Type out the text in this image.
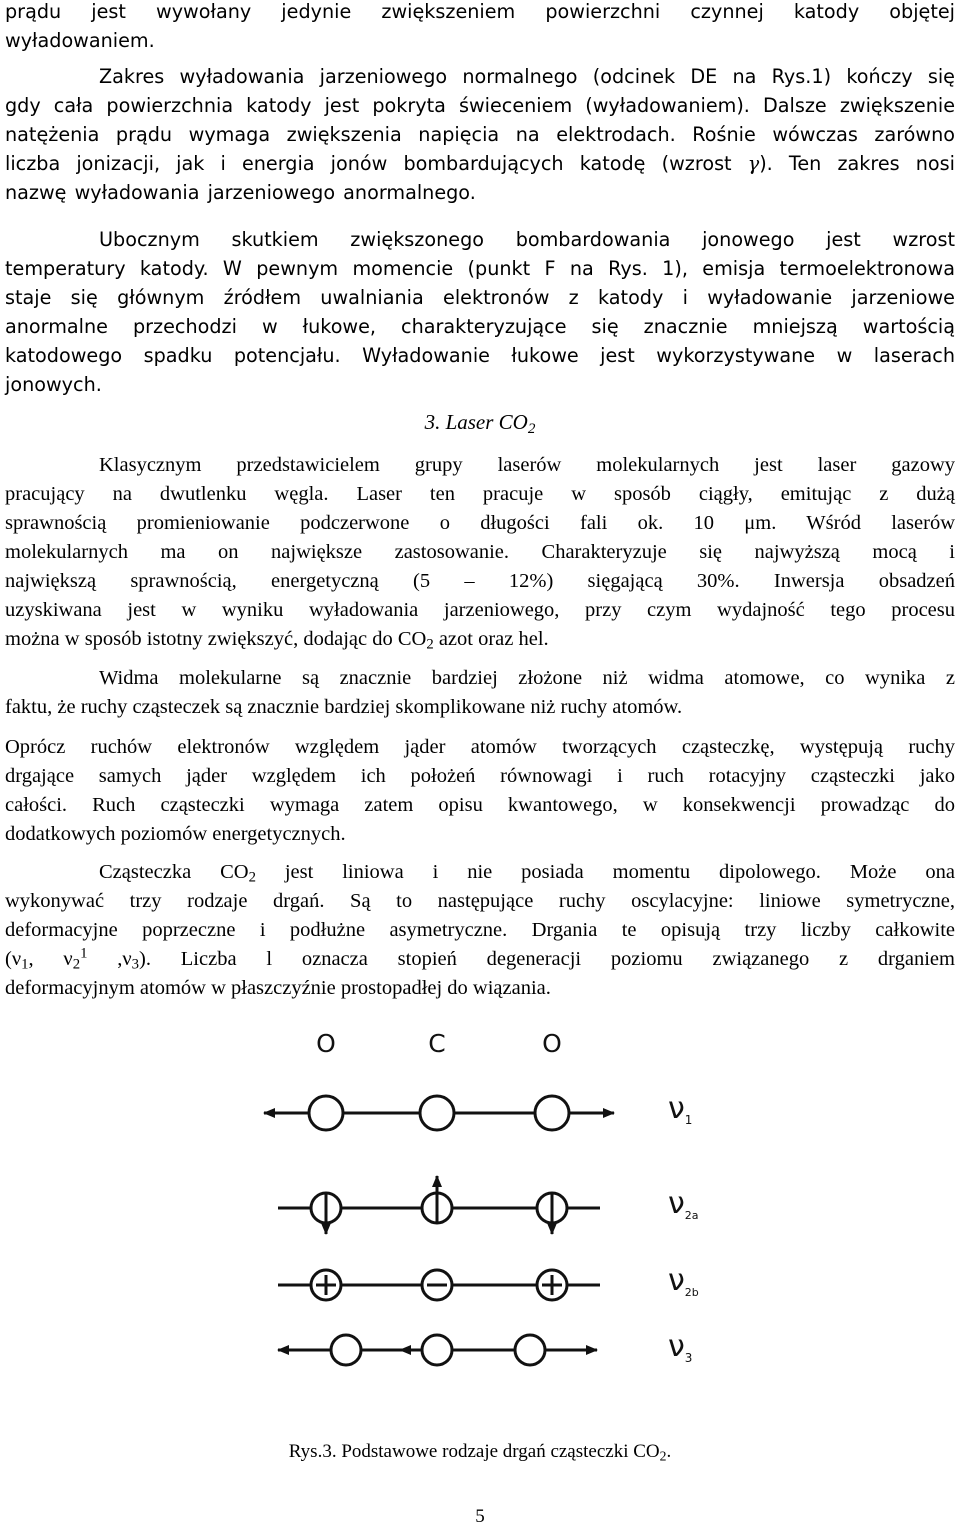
prądu jest wywołany jedynie zwiększeniem powierzchni czynnej katody objętej
wyładowaniem.
Zakres wyładowania jarzeniowego normalnego (odcinek DE na Rys.1) kończy się
gdy cała powierzchnia katody jest pokryta świeceniem (wyładowaniem). Dalsze zwiększenie
natężenia prądu wymaga zwiększenia napięcia na elektrodach. Rośnie wówczas zarówno
liczba jonizacji, jak i energia jonów bombardujących katodę (wzrost γ). Ten zakres nosi
nazwę wyładowania jarzeniowego anormalnego.
Ubocznym skutkiem zwiększonego bombardowania jonowego jest wzrost
temperatury katody. W pewnym momencie (punkt F na Rys. 1), emisja termoelektronowa
staje się głównym źródłem uwalniania elektronów z katody i wyładowanie jarzeniowe
anormalne przechodzi w łukowe, charakteryzujące się znacznie mniejszą wartością
katodowego spadku potencjału. Wyładowanie łukowe jest wykorzystywane w laserach
jonowych.
3. Laser $CO_2$
Klasycznym przedstawicielem grupy laserów molekularnych jest laser gazowy
pracujący na dwutlenku węgla. Laser ten pracuje w sposób ciągły, emitując z dużą
sprawnością promieniowanie podczerwone o długości fali ok. 10 μm. Wśród laserów
molekularnych ma on największe zastosowanie. Charakteryzuje się najwyższą mocą i
największą sprawnością, energetyczną (5 – 12%) sięgającą 30%. Inwersja obsadzeń
uzyskiwana jest w wyniku wyładowania jarzeniowego, przy czym wydajność tego procesu
można w sposób istotny zwiększyć, dodając do $CO_2$ azot oraz hel.
Widma molekularne są znacznie bardziej złożone niż widma atomowe, co wynika z
faktu, że ruchy cząsteczek są znacznie bardziej skomplikowane niż ruchy atomów.
Oprócz ruchów elektronów względem jąder atomów tworzących cząsteczkę, występują ruchy
drgające samych jąder względem ich położeń równowagi i ruch rotacyjny cząsteczki jako
całości. Ruch cząsteczki wymaga zatem opisu kwantowego, w konsekwencji prowadząc do
dodatkowych poziomów energetycznych.
Cząsteczka $CO_2$ jest liniowa i nie posiada momentu dipolowego. Może ona
wykonywać trzy rodzaje drgań. Są to następujące ruchy oscylacyjne: liniowe symetryczne,
deformacyjne poprzeczne i podłużne asymetryczne. Drgania te opisują trzy liczby całkowite
($\nu_1$, $\nu_2^1$ $,\nu_3$). Liczba l oznacza stopień degeneracji poziomu związanego z drganiem
deformacyjnym atomów w płaszczyźnie prostopadłej do wiązania.
O	C	O
$\nu_1$
$\nu_{2a}$
$\nu_{2b}$
$\nu_3$
Rys.3. Podstawowe rodzaje drgań cząsteczki $CO_2$.
5
